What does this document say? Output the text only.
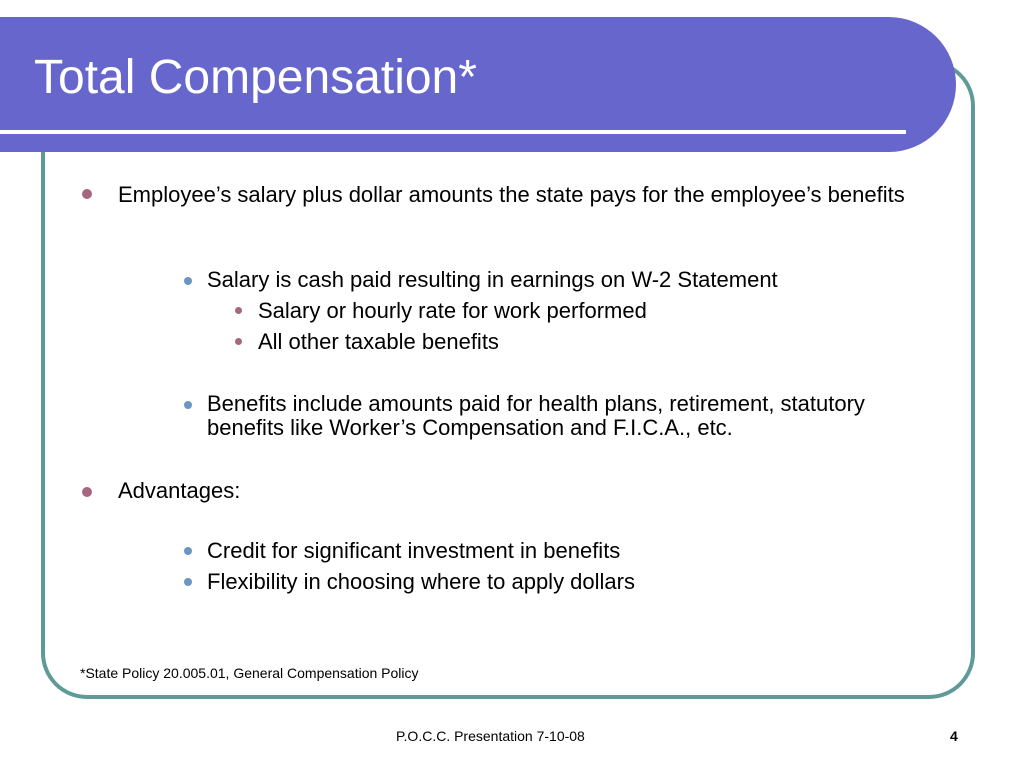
Total Compensation*

Employee’s salary plus dollar amounts the state pays for the employee’s benefits

Salary is cash paid resulting in earnings on W-2 Statement

Salary or hourly rate for work performed

All other taxable benefits

Benefits include amounts paid for health plans, retirement, statutory benefits like Worker’s Compensation and F.I.C.A., etc.

Advantages:

Credit for significant investment in benefits

Flexibility in choosing where to apply dollars

*State Policy 20.005.01, General Compensation Policy

P.O.C.C. Presentation 7-10-08	4
